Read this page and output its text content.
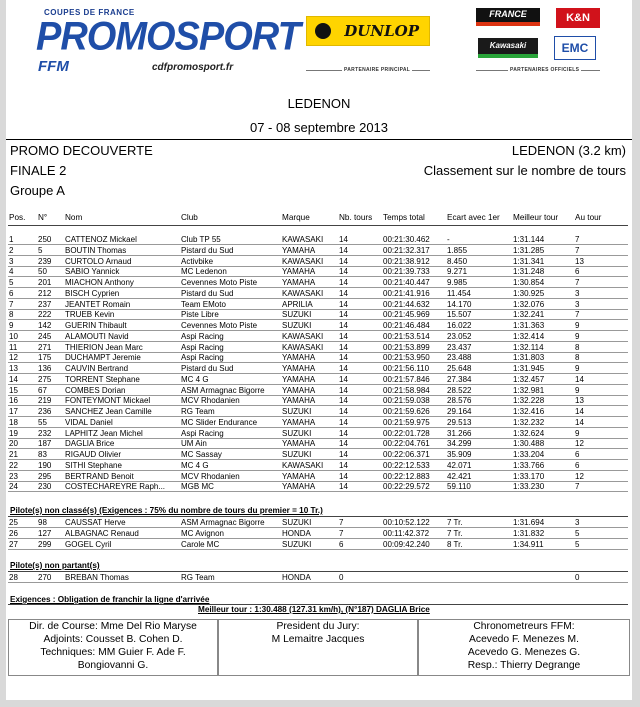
COUPES DE FRANCE
PROMOSPORT
FFM	cdfpromosport.fr
DUNLOP
PARTENAIRE PRINCIPAL
FRANCE	K&N
Kawasaki	EMC
PARTENAIRES OFFICIELS
LEDENON
07 - 08 septembre 2013
PROMO DECOUVERTE	LEDENON (3.2 km)
FINALE 2	Classement sur le nombre de tours
Groupe A
Pos. N° Nom	Club	Marque	Nb. tours Temps total	Ecart avec 1er Meilleur tour Au tour
1	250 CATTENOZ Mickael	Club TP 55	KAWASAKI 14	00:21:30.462 -	1:31.144	7
2	5	BOUTIN Thomas	Pistard du Sud	YAMAHA	14	00:21:32.317 1.855	1:31.285	7
3	239 CURTOLO Arnaud	Activbike	KAWASAKI 14	00:21:38.912 8.450	1:31.341	13
4	50 SABIO Yannick	MC Ledenon	YAMAHA	14	00:21:39.733 9.271	1:31.248	6
5	201 MIACHON Anthony	Cevennes Moto Piste	YAMAHA	14	00:21:40.447 9.985	1:30.854	7
6	212 BISCH Cyprien	Pistard du Sud	KAWASAKI 14	00:21:41.916 11.454	1:30.925	3
7	237 JEANTET Romain	Team EMoto	APRILIA	14	00:21:44.632 14.170	1:32.076	3
8	222 TRUEB Kevin	Piste Libre	SUZUKI	14	00:21:45.969 15.507	1:32.241	7
9	142 GUERIN Thibault	Cevennes Moto Piste	SUZUKI	14	00:21:46.484 16.022	1:31.363	9
10	245 ALAMOUTI Navid	Aspi Racing	KAWASAKI 14	00:21:53.514 23.052	1:32.414	9
11	271 THIERION Jean Marc	Aspi Racing	KAWASAKI 14	00:21:53.899 23.437	1:32.114	8
12	175 DUCHAMPT Jeremie	Aspi Racing	YAMAHA	14	00:21:53.950 23.488	1:31.803	8
13	136 CAUVIN Bertrand	Pistard du Sud	YAMAHA	14	00:21:56.110 25.648	1:31.945	9
14	275 TORRENT Stephane	MC 4 G	YAMAHA	14	00:21:57.846 27.384	1:32.457	14
15	67 COMBES Dorian	ASM Armagnac Bigorre YAMAHA	14	00:21:58.984 28.522	1:32.981	9
16	219 FONTEYMONT Mickael	MCV Rhodanien	YAMAHA	14	00:21:59.038 28.576	1:32.228	13
17	236 SANCHEZ Jean Camille	RG Team	SUZUKI	14	00:21:59.626 29.164	1:32.416	14
18	55 VIDAL Daniel	MC Slider Endurance	YAMAHA	14	00:21:59.975 29.513	1:32.232	14
19	232 LAPHITZ Jean Michel	Aspi Racing	SUZUKI	14	00:22:01.728 31.266	1:32.624	9
20	187 DAGLIA Brice	UM Ain	YAMAHA	14	00:22:04.761 34.299	1:30.488	12
21	83 RIGAUD Olivier	MC Sassay	SUZUKI	14	00:22:06.371 35.909	1:33.204	6
22	190 SITHI Stephane	MC 4 G	KAWASAKI 14	00:22:12.533 42.071	1:33.766	6
23	295 BERTRAND Benoit	MCV Rhodanien	YAMAHA	14	00:22:12.883 42.421	1:33.170	12
24	230 COSTECHAREYRE Raph... MGB MC	YAMAHA	14	00:22:29.572 59.110	1:33.230	7
Pilote(s) non classé(s) (Exigences : 75% du nombre de tours du premier = 10 Tr.)
25	98 CAUSSAT Herve	ASM Armagnac Bigorre SUZUKI	7	00:10:52.122 7 Tr.	1:31.694	3
26	127 ALBAGNAC Renaud	MC Avignon	HONDA	7	00:11:42.372 7 Tr.	1:31.832	5
27	299 GOGEL Cyril	Carole MC	SUZUKI	6	00:09:42.240 8 Tr.	1:34.911	5
Pilote(s) non partant(s)
28	270 BREBAN Thomas	RG Team	HONDA	0	0
Exigences : Obligation de franchir la ligne d'arrivée
Meilleur tour : 1:30.488 (127.31 km/h), (N°187) DAGLIA Brice
Dir. de Course: Mme Del Rio Maryse
Adjoints: Cousset B. Cohen D.
Techniques: MM Guier F. Ade F.
Bongiovanni G.
President du Jury:
M Lemaitre Jacques
Chronometreurs FFM:
Acevedo F. Menezes M.
Acevedo G. Menezes G.
Resp.: Thierry Degrange
